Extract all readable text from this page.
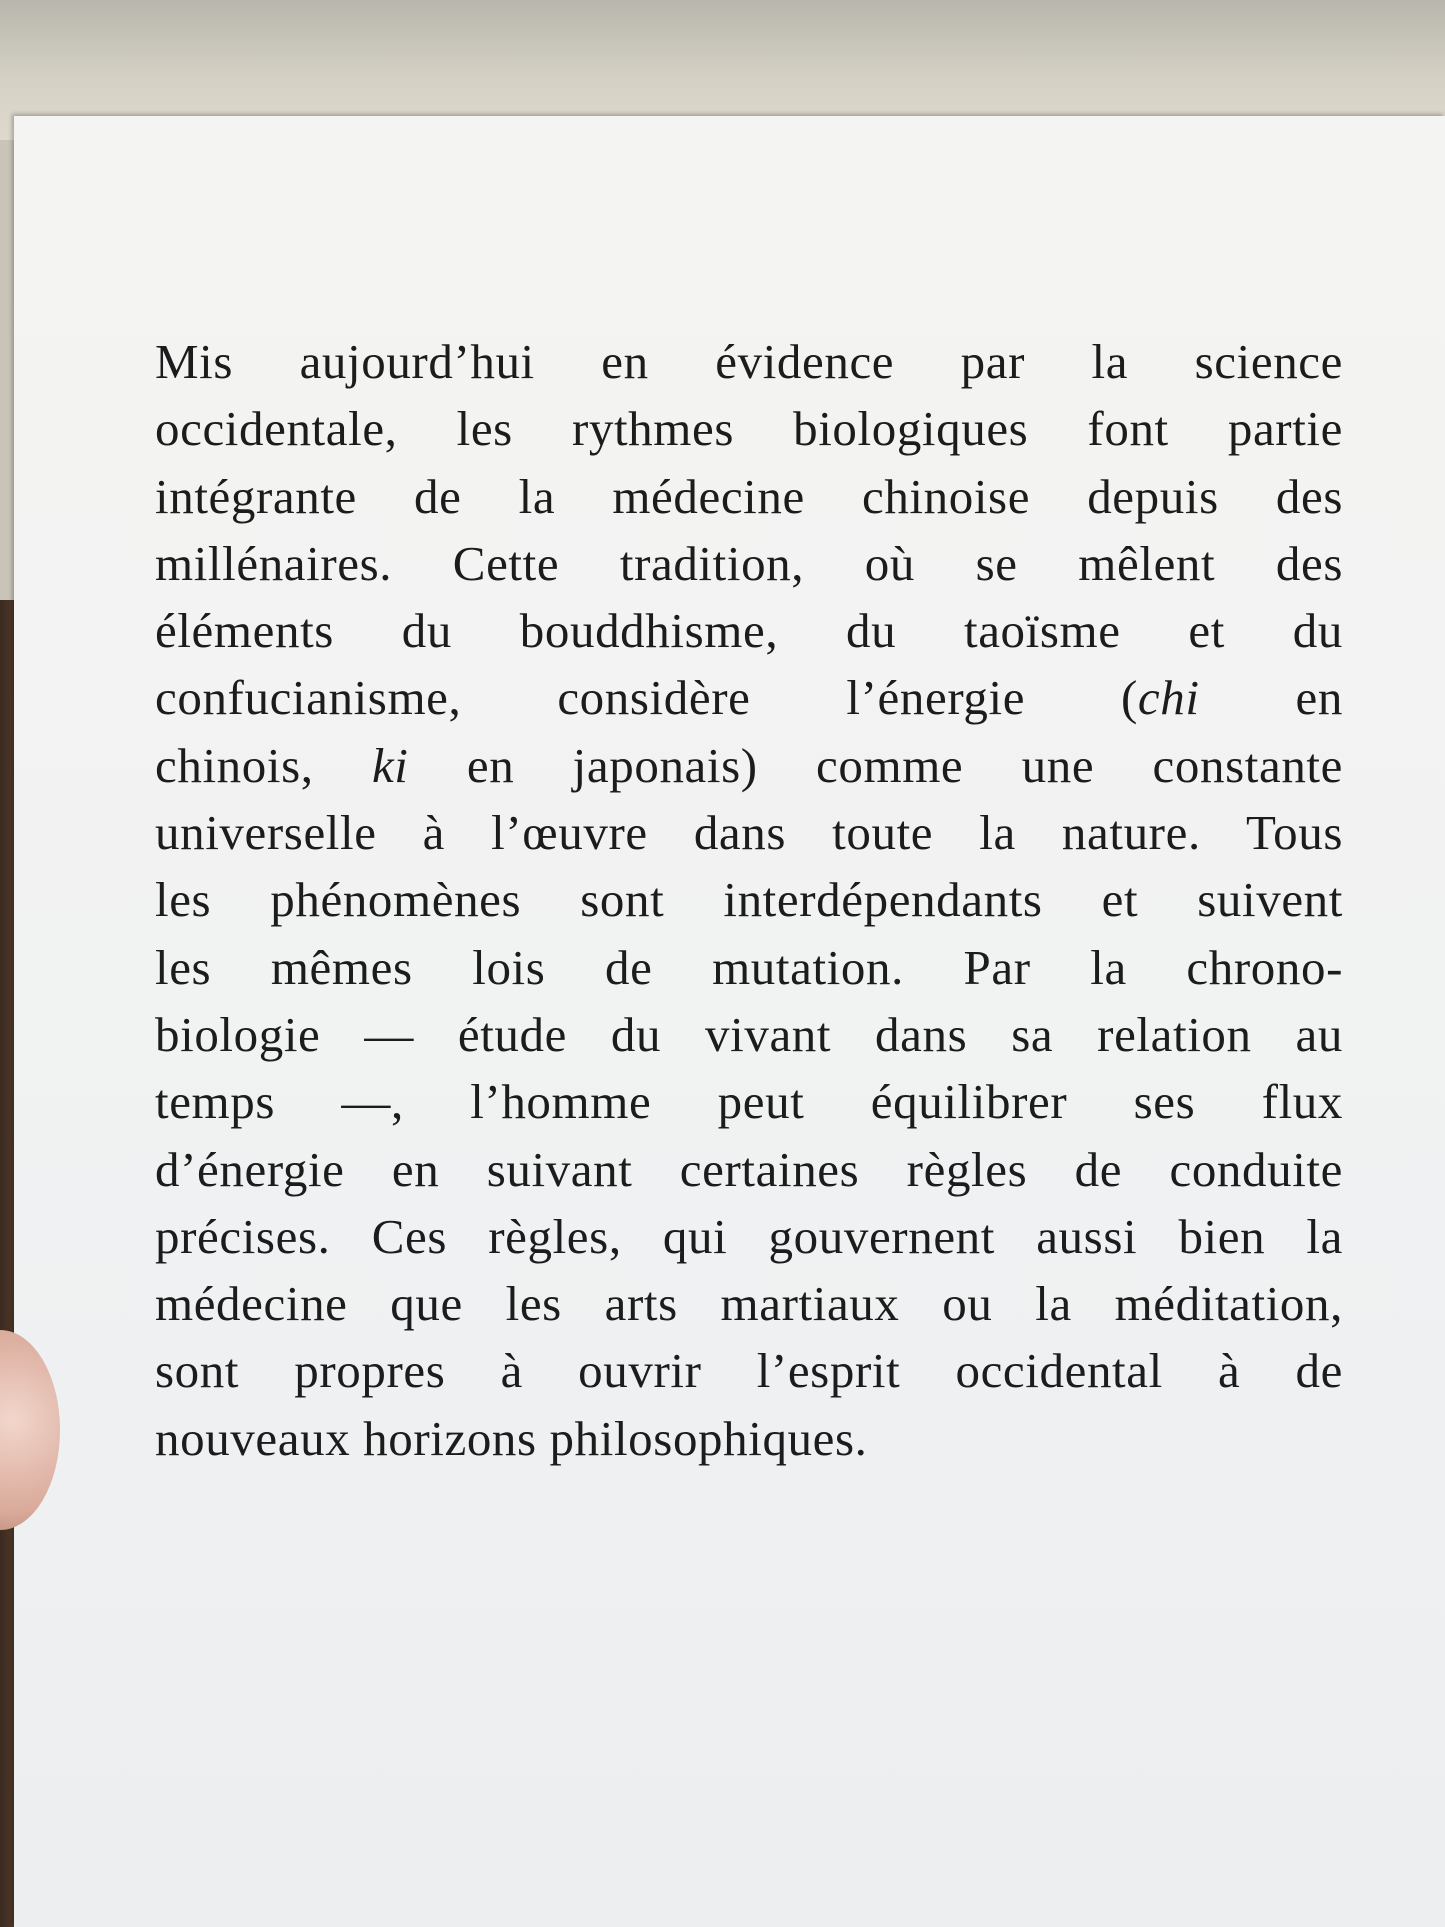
Mis aujourd’hui en évidence par la science
occidentale, les rythmes biologiques font partie
intégrante de la médecine chinoise depuis des
millénaires. Cette tradition, où se mêlent des
éléments du bouddhisme, du taoïsme et du
confucianisme, considère l’énergie (chi en
chinois, ki en japonais) comme une constante
universelle à l’œuvre dans toute la nature. Tous
les phénomènes sont interdépendants et suivent
les mêmes lois de mutation. Par la chrono-
biologie — étude du vivant dans sa relation au
temps —, l’homme peut équilibrer ses flux
d’énergie en suivant certaines règles de conduite
précises. Ces règles, qui gouvernent aussi bien la
médecine que les arts martiaux ou la méditation,
sont propres à ouvrir l’esprit occidental à de
nouveaux horizons philosophiques.
